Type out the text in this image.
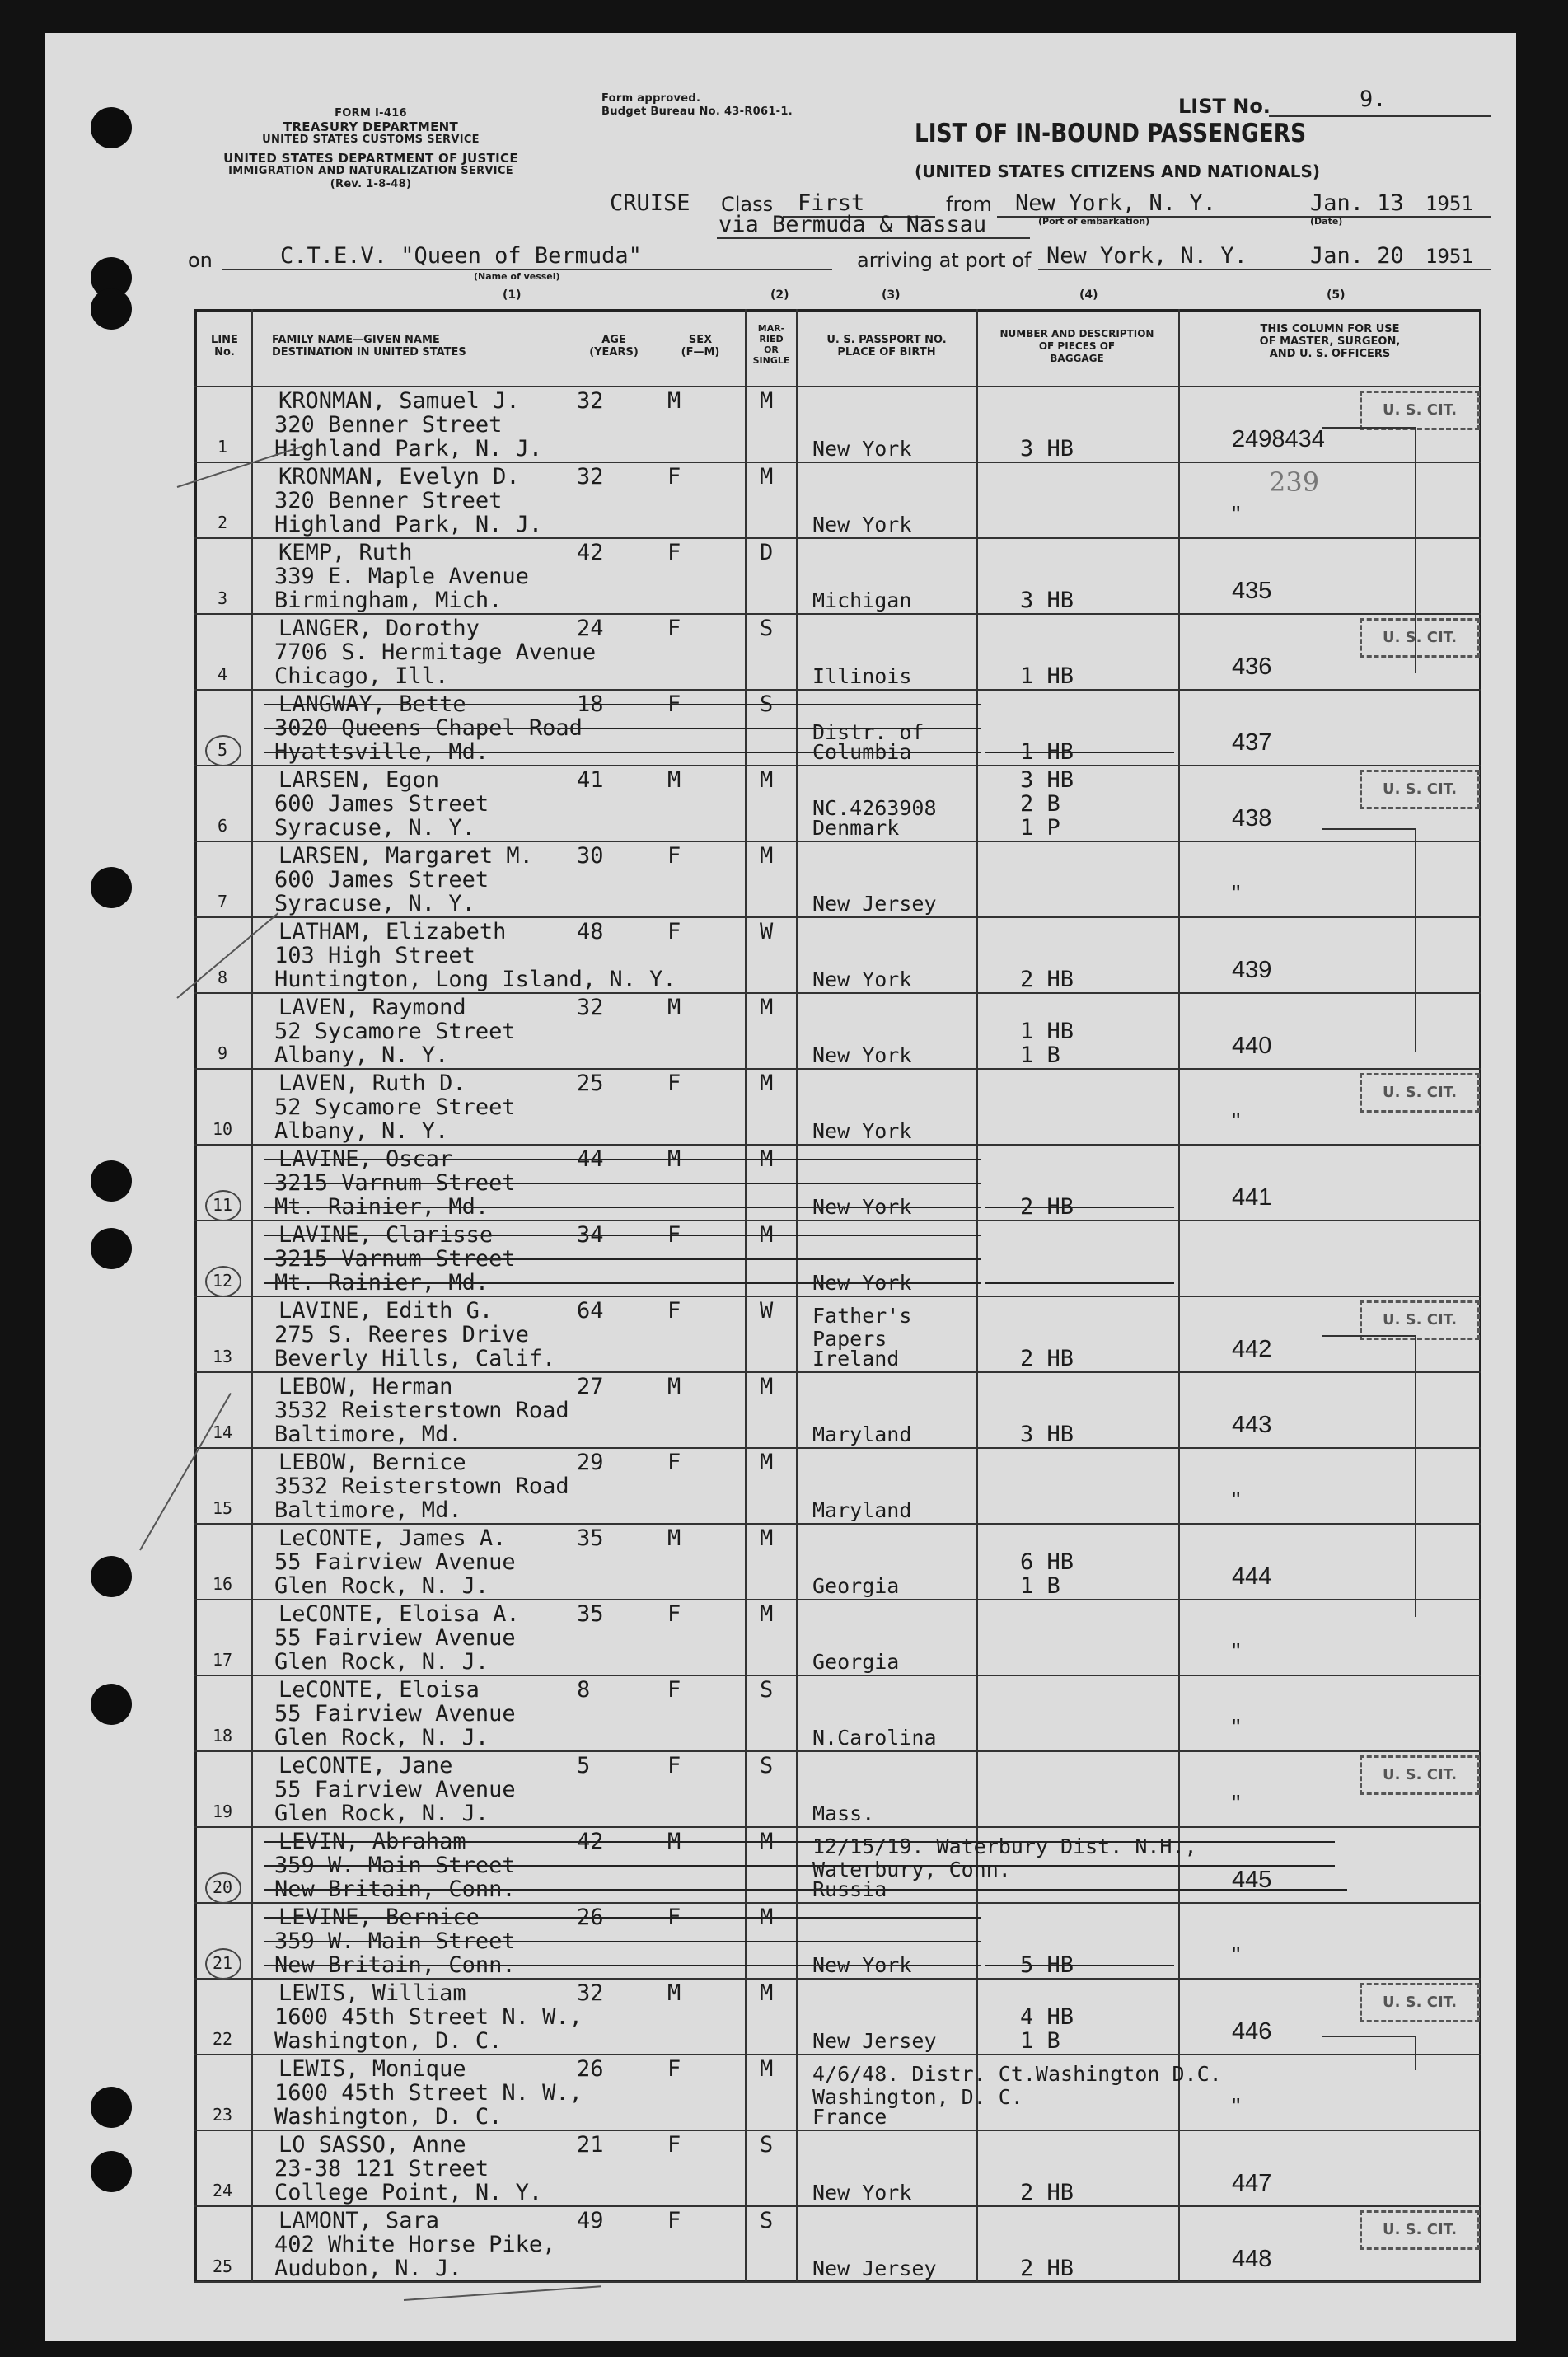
FORM I-416
TREASURY DEPARTMENT
UNITED STATES CUSTOMS SERVICE
UNITED STATES DEPARTMENT OF JUSTICE
IMMIGRATION AND NATURALIZATION SERVICE
(Rev. 1-8-48)
Form approved.
Budget Bureau No. 43-R061-1.	LIST No.	9.
LIST OF IN-BOUND PASSENGERS
(UNITED STATES CITIZENS AND NATIONALS)
CRUISE Class First	from New York, N. Y.	Jan. 13 1951
via Bermuda & Nassau	(Port of embarkation)	(Date)
on	C.T.E.V. "Queen of Bermuda"
(Name of vessel)
arriving at port of New York, N. Y.	Jan. 20 1951
(1)	(2)	(3)	(4)	(5)
LINE No.
FAMILY NAME—GIVEN NAME
DESTINATION IN UNITED STATES
AGE
(YEARS)
SEX
(F—M)
MAR-
RIED
OR
SINGLE
U. S. PASSPORT NO.
PLACE OF BIRTH
NUMBER AND DESCRIPTION
OF PIECES OF
BAGGAGE
THIS COLUMN FOR USE
OF MASTER, SURGEON,
AND U. S. OFFICERS
1
KRONMAN, Samuel J.
320 Benner Street
Highland Park, N. J.
32	M	M
New York	3 HB	2498434
U. S. CIT.
2
KRONMAN, Evelyn D.
320 Benner Street
Highland Park, N. J.
32	F	M
New York	"
3
KEMP, Ruth
339 E. Maple Avenue
Birmingham, Mich.
42	F	D
Michigan	3 HB	435
4
LANGER, Dorothy
7706 S. Hermitage Avenue
Chicago, Ill.
24	F	S
Illinois	1 HB	436
U. S. CIT.
5
LANGWAY, Bette
3020 Queens Chapel Road
Hyattsville, Md.
18	F	S
Distr. of
Columbia	1 HB	437
6
LARSEN, Egon
600 James Street
Syracuse, N. Y.
41	M	M
NC.4263908
Denmark
3 HB
2 B
1 P	438
U. S. CIT.
7
LARSEN, Margaret M.
600 James Street
Syracuse, N. Y.
30	F	M
New Jersey	"
8
LATHAM, Elizabeth
103 High Street
Huntington, Long Island, N. Y.
48	F	W
New York	2 HB	439
9
LAVEN, Raymond
52 Sycamore Street
Albany, N. Y.
32	M	M
New York
1 HB
1 B	440
10
LAVEN, Ruth D.
52 Sycamore Street
Albany, N. Y.
25	F	M
New York	"
U. S. CIT.
11
LAVINE, Oscar
3215 Varnum Street
Mt. Rainier, Md.
44	M	M
New York	2 HB	441
12
LAVINE, Clarisse
3215 Varnum Street
Mt. Rainier, Md.
34	F	M
New York
13
LAVINE, Edith G.
275 S. Reeres Drive
Beverly Hills, Calif.
64	F	W Father's
Papers
Ireland	2 HB	442
U. S. CIT.
14
LEBOW, Herman
3532 Reisterstown Road
Baltimore, Md.
27	M	M
Maryland	3 HB	443
15
LEBOW, Bernice
3532 Reisterstown Road
Baltimore, Md.
29	F	M
Maryland	"
16
LeCONTE, James A.
55 Fairview Avenue
Glen Rock, N. J.
35	M	M
Georgia
6 HB
1 B	444
17
LeCONTE, Eloisa A.
55 Fairview Avenue
Glen Rock, N. J.
35	F	M
Georgia	"
18
LeCONTE, Eloisa
55 Fairview Avenue
Glen Rock, N. J.
8	F	S
N.Carolina	"
19
LeCONTE, Jane
55 Fairview Avenue
Glen Rock, N. J.
5	F	S
Mass.	"
U. S. CIT.
20
LEVIN, Abraham
359 W. Main Street
New Britain, Conn.
42	M	M 12/15/19. Waterbury Dist. N.H.,
Waterbury, Conn.
Russia	445
21
LEVINE, Bernice
359 W. Main Street
New Britain, Conn.
26	F	M
New York	5 HB	"
22
LEWIS, William
1600 45th Street N. W.,
Washington, D. C.
32	M	M
New Jersey
4 HB
1 B	446
U. S. CIT.
23
LEWIS, Monique
1600 45th Street N. W.,
Washington, D. C.
26	F	M 4/6/48. Distr. Ct.Washington D.C.
Washington, D. C.
France	"
24
LO SASSO, Anne
23-38 121 Street
College Point, N. Y.
21	F	S
New York	2 HB	447
25
LAMONT, Sara
402 White Horse Pike,
Audubon, N. J.
49	F	S
New Jersey	2 HB	448
U. S. CIT.
239
